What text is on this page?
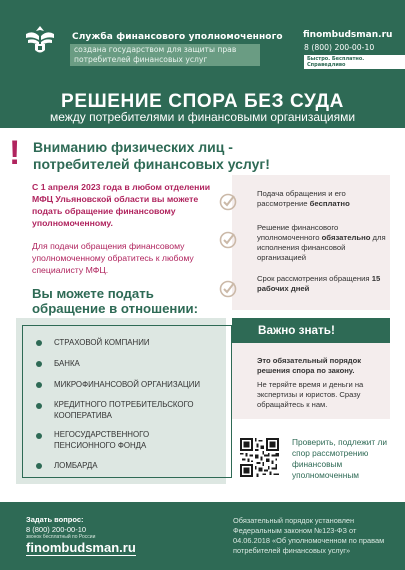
Служба финансового уполномоченного
создана государством для защиты прав потребителей финансовых услуг
finombudsman.ru
8 (800) 200-00-10
Быстро. Бесплатно. Справедливо
РЕШЕНИЕ СПОРА БЕЗ СУДА
между потребителями и финансовыми организациями
! Вниманию физических лиц -
потребителей финансовых услуг!
С 1 апреля 2023 года в любом отделении МФЦ Ульяновской области вы можете подать обращение финансовому уполномоченному.
Для подачи обращения финансовому уполномоченному обратитесь к любому специалисту МФЦ.
Подача обращения и его рассмотрение бесплатно
Решение финансового уполномоченного обязательно для исполнения финансовой организацией
Срок рассмотрения обращения 15 рабочих дней
Вы можете подать
обращение в отношении:
СТРАХОВОЙ КОМПАНИИ
БАНКА
МИКРОФИНАНСОВОЙ ОРГАНИЗАЦИИ
КРЕДИТНОГО ПОТРЕБИТЕЛЬСКОГО КООПЕРАТИВА
НЕГОСУДАРСТВЕННОГО ПЕНСИОННОГО ФОНДА
ЛОМБАРДА
Важно знать!
Это обязательный порядок решения спора по закону.
Не теряйте время и деньги на экспертизы и юристов. Сразу обращайтесь к нам.
Проверить, подлежит ли спор рассмотрению финансовым уполномоченным
Задать вопрос:
8 (800) 200-00-10
звонок бесплатный по России
finombudsman.ru
Обязательный порядок установлен Федеральным законом №123-ФЗ от 04.06.2018 «Об уполномоченном по правам потребителей финансовых услуг»
